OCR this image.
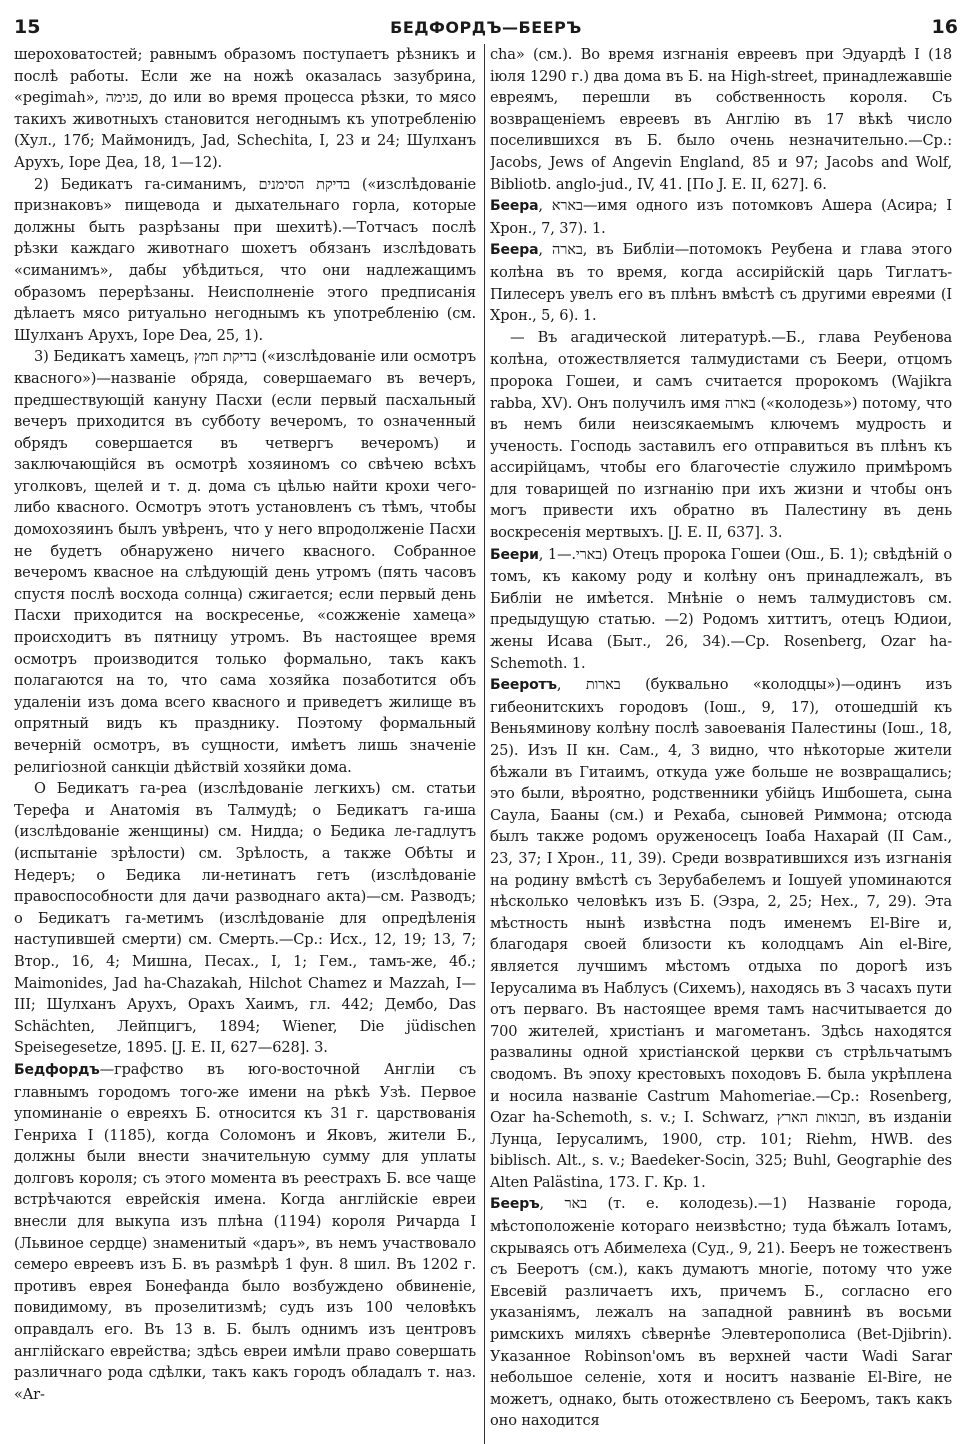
15	БЕДФОРДЪ—БЕЕРЪ	16

шероховатостей; равнымъ образомъ поступаетъ рѣзникъ и послѣ работы. Если же на ножѣ оказалась зазубрина, «pegimah», פגימה, до или во время процесса рѣзки, то мясо такихъ животныхъ становится негоднымъ къ употребленію (Хул., 17б; Маймонидъ, Jad, Schechita, I, 23 и 24; Шулханъ Арухъ, Іоре Деа, 18, 1—12).

2) Бедикатъ га-симанимъ, בדיקת הסימנים («изслѣдованіе признаковъ» пищевода и дыхательнаго горла, которые должны быть разрѣзаны при шехитѣ).—Тотчасъ послѣ рѣзки каждаго животнаго шохетъ обязанъ изслѣдовать «симанимъ», дабы убѣдиться, что они надлежащимъ образомъ перерѣзаны. Неисполненіе этого предписанія дѣлаетъ мясо ритуально негоднымъ къ употребленію (см. Шулханъ Арухъ, Іоре Deа, 25, 1).

3) Бедикатъ хамецъ, בדיקת חמץ («изслѣдованіе или осмотръ квасного»)—названіе обряда, совершаемаго въ вечеръ, предшествующій кануну Пасхи (если первый пасхальный вечеръ приходится въ субботу вечеромъ, то означенный обрядъ совершается въ четвергъ вечеромъ) и заключающійся въ осмотрѣ хозяиномъ со свѣчею всѣхъ уголковъ, щелей и т. д. дома съ цѣлью найти крохи чего-либо квасного. Осмотръ этотъ установленъ съ тѣмъ, чтобы домохозяинъ былъ увѣренъ, что у него впродолженіе Пасхи не будетъ обнаружено ничего квасного. Собранное вечеромъ квасное на слѣдующій день утромъ (пять часовъ спустя послѣ восхода солнца) сжигается; если первый день Пасхи приходится на воскресенье, «сожженіе хамеца» происходитъ въ пятницу утромъ. Въ настоящее время осмотръ производится только формально, такъ какъ полагаются на то, что сама хозяйка позаботится объ удаленіи изъ дома всего квасного и приведетъ жилище въ опрятный видъ къ празднику. Поэтому формальный вечерній осмотръ, въ сущности, имѣетъ лишь значеніе религіозной санкціи дѣйствій хозяйки дома.

О Бедикатъ га-реа (изслѣдованіе легкихъ) см. статьи Терефа и Анатомія въ Талмудѣ; о Бедикатъ га-иша (изслѣдованіе женщины) см. Нидда; о Бедика ле-гадлутъ (испытаніе зрѣлости) см. Зрѣлость, а также Обѣты и Недеръ; о Бедика ли-нетинатъ гетъ (изслѣдованіе правоспособности для дачи разводнаго акта)—см. Разводъ; о Бедикатъ га-метимъ (изслѣдованіе для опредѣленія наступившей смерти) см. Смерть.—Ср.: Исх., 12, 19; 13, 7; Втор., 16, 4; Мишна, Песах., I, 1; Гем., тамъ-же, 4б.; Maimonides, Jad ha-Chazakah, Hilchot Chamez и Mazzah, I—III; Шулханъ Арухъ, Орахъ Хаимъ, гл. 442; Дембо, Das Schächten, Лейпцигъ, 1894; Wiener, Die jüdischen Speisegesetze, 1895. [J. E. II, 627—628]. 3.

Бедфордъ—графство въ юго-восточной Англіи съ главнымъ городомъ того-же имени на рѣкѣ Узѣ. Первое упоминаніе о евреяхъ Б. относится къ 31 г. царствованія Генриха I (1185), когда Соломонъ и Яковъ, жители Б., должны были внести значительную сумму для уплаты долговъ короля; съ этого момента въ реестрахъ Б. все чаще встрѣчаются еврейскія имена. Когда англійскіе евреи внесли для выкупа изъ плѣна (1194) короля Ричарда I (Львиное сердце) знаменитый «даръ», въ немъ участвовало семеро евреевъ изъ Б. въ размѣрѣ 1 фун. 8 шил. Въ 1202 г. противъ еврея Бонефанда было возбуждено обвиненіе, повидимому, въ прозелитизмѣ; судъ изъ 100 человѣкъ оправдалъ его. Въ 13 в. Б. былъ однимъ изъ центровъ англійскаго еврейства; здѣсь евреи имѣли право совершать различнаго рода сдѣлки, такъ какъ городъ обладалъ т. наз. «Ar-

cha» (см.). Во время изгнанія евреевъ при Эдуардѣ I (18 іюля 1290 г.) два дома въ Б. на High-street, принадлежавшіе евреямъ, перешли въ собственность короля. Съ возвращеніемъ евреевъ въ Англію въ 17 вѣкѣ число поселившихся въ Б. было очень незначительно.—Ср.: Jacobs, Jews of Angevin England, 85 и 97; Jacobs and Wolf, Bibliotb. anglo-jud., IV, 41. [По J. E. II, 627]. 6.

Беера, בארא—имя одного изъ потомковъ Ашера (Асира; I Хрон., 7, 37). 1.

Беера, בארה, въ Библіи—потомокъ Реубена и глава этого колѣна въ то время, когда ассирійскій царь Тиглатъ-Пилесеръ увелъ его въ плѣнъ вмѣстѣ съ другими евреями (I Хрон., 5, 6). 1.

— Въ агадической литературѣ.—Б., глава Реубенова колѣна, отожествляется талмудистами съ Беери, отцомъ пророка Гошеи, и самъ считается пророкомъ (Wajikra rabba, XV). Онъ получилъ имя בארה («колодезь») потому, что въ немъ били неизсякаемымъ ключемъ мудрость и ученость. Господь заставилъ его отправиться въ плѣнъ къ ассирійцамъ, чтобы его благочестіе служило примѣромъ для товарищей по изгнанію при ихъ жизни и чтобы онъ могъ привести ихъ обратно въ Палестину въ день воскресенія мертвыхъ. [J. E. II, 637]. 3.

Беери, בארי.—1) Отецъ пророка Гошеи (Ош., Б. 1); свѣдѣній о томъ, къ какому роду и колѣну онъ принадлежалъ, въ Библіи не имѣется. Мнѣніе о немъ талмудистовъ см. предыдущую статью. —2) Родомъ хиттитъ, отецъ Юдиои, жены Исава (Быт., 26, 34).—Ср. Rosenberg, Ozar ha-Schemoth. 1.

Бееротъ, בארות (буквально «колодцы»)—одинъ изъ гибеонитскихъ городовъ (Іош., 9, 17), отошедшій къ Веньяминову колѣну послѣ завоеванія Палестины (Іош., 18, 25). Изъ II кн. Сам., 4, 3 видно, что нѣкоторые жители бѣжали въ Гитаимъ, откуда уже больше не возвращались; это были, вѣроятно, родственники убійцъ Ишбошета, сына Саула, Бааны (см.) и Рехаба, сыновей Риммона; отсюда былъ также родомъ оруженосецъ Іоаба Нахарай (II Сам., 23, 37; I Хрон., 11, 39). Среди возвратившихся изъ изгнанія на родину вмѣстѣ съ Зерубабелемъ и Іошуей упоминаются нѣсколько человѣкъ изъ Б. (Эзра, 2, 25; Нех., 7, 29). Эта мѣстность нынѣ извѣстна подъ именемъ El-Bire и, благодаря своей близости къ колодцамъ Ain el-Bire, является лучшимъ мѣстомъ отдыха по дорогѣ изъ Іерусалима въ Наблусъ (Сихемъ), находясь въ 3 часахъ пути отъ перваго. Въ настоящее время тамъ насчитывается до 700 жителей, христіанъ и магометанъ. Здѣсь находятся развалины одной христіанской церкви съ стрѣльчатымъ сводомъ. Въ эпоху крестовыхъ походовъ Б. была укрѣплена и носила названіе Castrum Mahomeriae.—Ср.: Rosenberg, Ozar ha-Schemoth, s. v.; I. Schwarz, תבואות הארץ, въ изданіи Лунца, Іерусалимъ, 1900, стр. 101; Riehm, HWB. des biblisch. Alt., s. v.; Baedeker-Socin, 325; Buhl, Geographie des Alten Palästina, 173. Г. Кр. 1.

Бееръ, באר (т. е. колодезь).—1) Названіе города, мѣстоположеніе котораго неизвѣстно; туда бѣжалъ Іотамъ, скрываясь отъ Абимелеха (Суд., 9, 21). Бееръ не тожественъ съ Бееротъ (см.), какъ думаютъ многіе, потому что уже Евсевій различаетъ ихъ, причемъ Б., согласно его указаніямъ, лежалъ на западной равнинѣ въ восьми римскихъ миляхъ сѣвернѣе Элевтерополиса (Bet-Djibrin). Указанное Robinson'омъ въ верхней части Wadi Sarar небольшое селеніе, хотя и носитъ названіе El-Bire, не можетъ, однако, быть отожествлено съ Бееромъ, такъ какъ оно находится
